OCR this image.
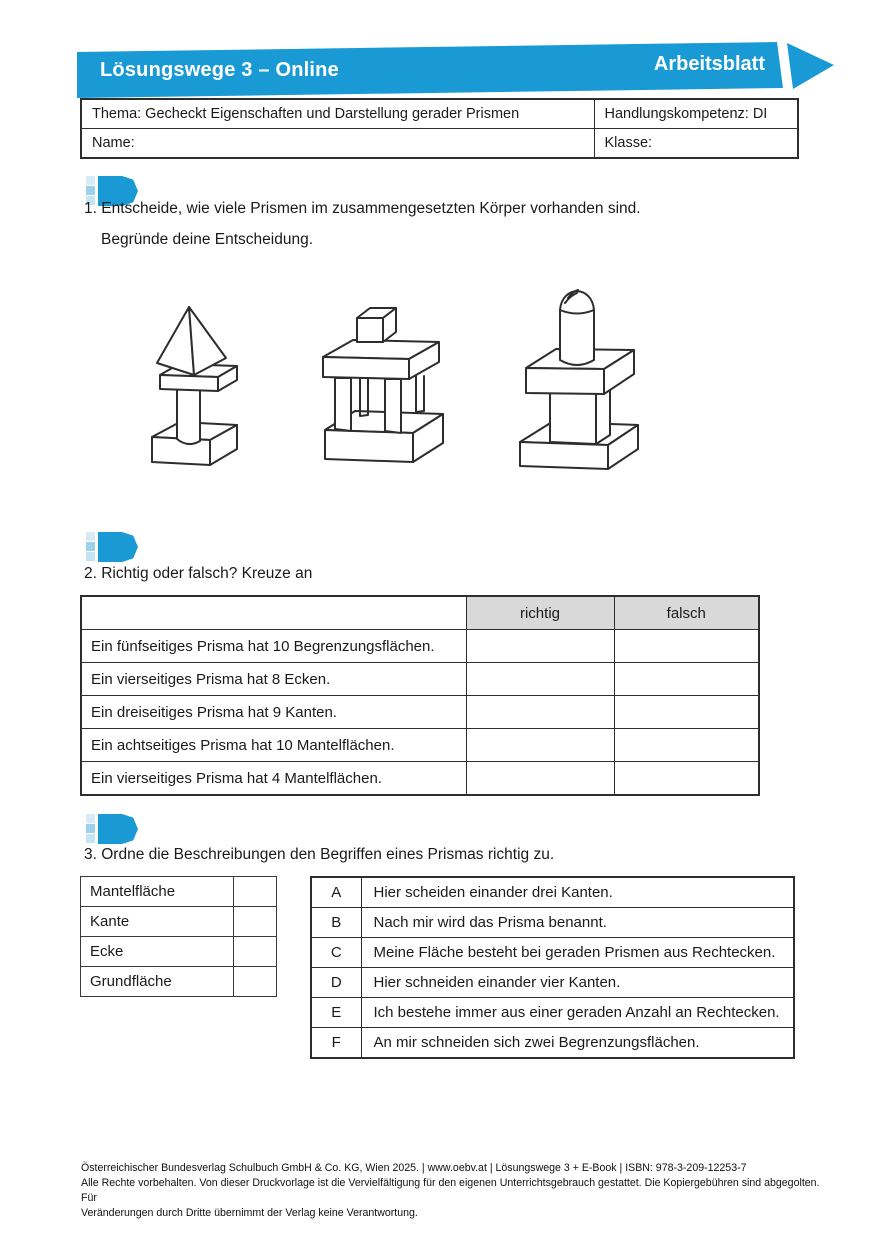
Lösungswege 3 – Online	Arbeitsblatt
Thema: Gecheckt Eigenschaften und Darstellung gerader Prismen	Handlungskompetenz: DI
Name:	Klasse:
1. Entscheide, wie viele Prismen im zusammengesetzten Körper vorhanden sind.
Begründe deine Entscheidung.
2. Richtig oder falsch? Kreuze an
	richtig	falsch
Ein fünfseitiges Prisma hat 10 Begrenzungsflächen.		
Ein vierseitiges Prisma hat 8 Ecken.		
Ein dreiseitiges Prisma hat 9 Kanten.		
Ein achtseitiges Prisma hat 10 Mantelflächen.		
Ein vierseitiges Prisma hat 4 Mantelflächen.		
3. Ordne die Beschreibungen den Begriffen eines Prismas richtig zu.
Mantelfläche	
Kante	
Ecke	
Grundfläche	
A	Hier scheiden einander drei Kanten.
B	Nach mir wird das Prisma benannt.
C	Meine Fläche besteht bei geraden Prismen aus Rechtecken.
D	Hier schneiden einander vier Kanten.
E	Ich bestehe immer aus einer geraden Anzahl an Rechtecken.
F	An mir schneiden sich zwei Begrenzungsflächen.
Österreichischer Bundesverlag Schulbuch GmbH & Co. KG, Wien 2025. | www.oebv.at | Lösungswege 3 + E-Book | ISBN: 978-3-209-12253-7
Alle Rechte vorbehalten. Von dieser Druckvorlage ist die Vervielfältigung für den eigenen Unterrichtsgebrauch gestattet. Die Kopiergebühren sind abgegolten. Für
Veränderungen durch Dritte übernimmt der Verlag keine Verantwortung.
